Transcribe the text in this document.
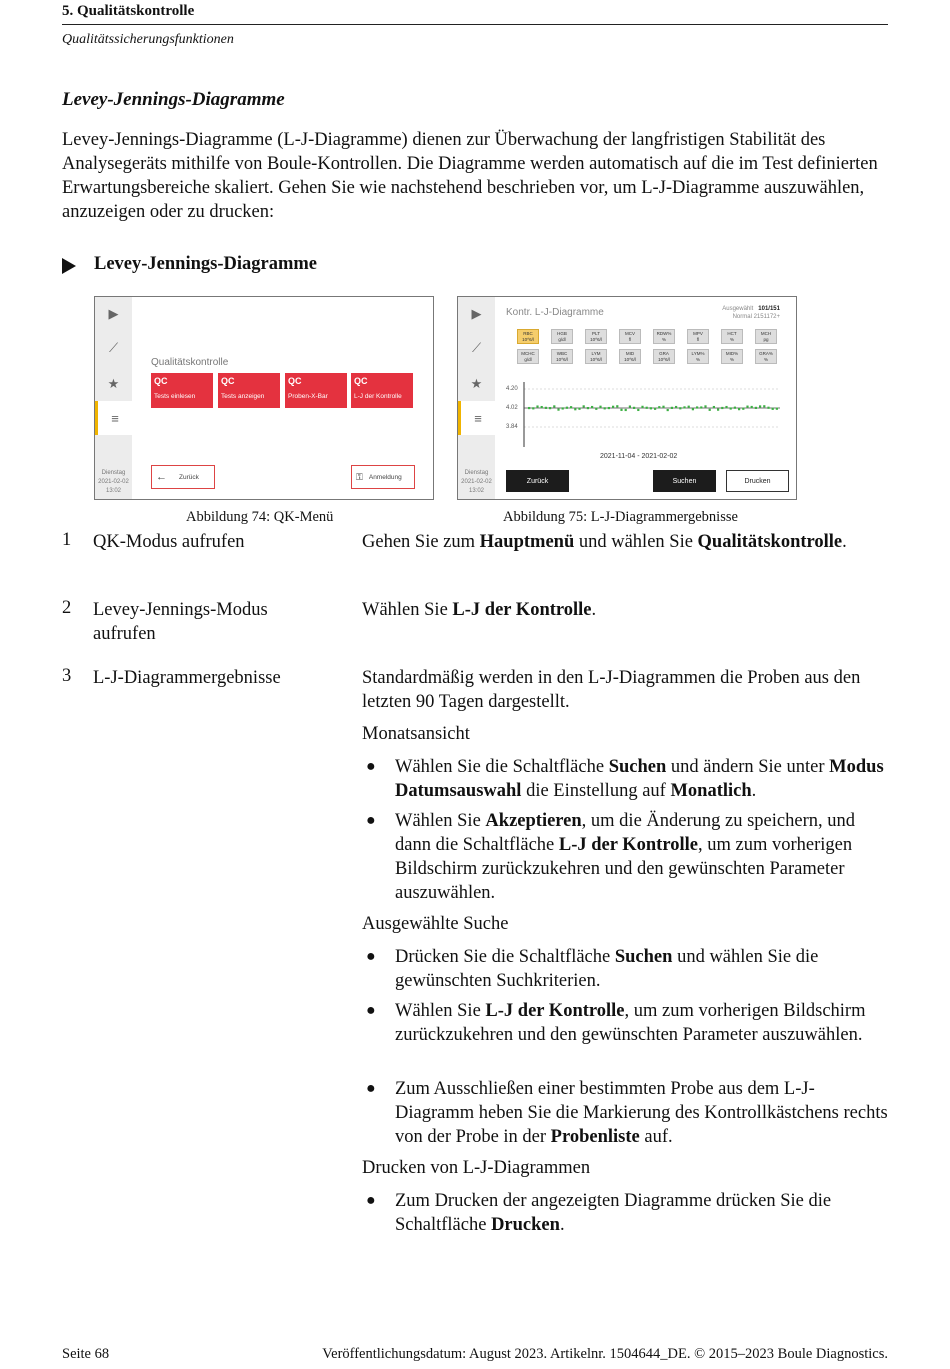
5. Qualitätskontrolle
Qualitätssicherungsfunktionen
Levey-Jennings-Diagramme
Levey-Jennings-Diagramme (L-J-Diagramme) dienen zur Überwachung der langfristigen Stabilität des Analysegeräts mithilfe von Boule-Kontrollen. Die Diagramme werden automatisch auf die im Test definierten Erwartungsbereiche skaliert. Gehen Sie wie nachstehend beschrieben vor, um L-J-Diagramme auszuwählen, anzuzeigen oder zu drucken:
Levey-Jennings-Diagramme
▶
⟋
★
≡
Dienstag
2021-02-02
13:02
Qualitätskontrolle
QC
Tests einlesen
QC
Tests anzeigen
QC
Proben-X-Bar
QC
L-J der Kontrolle
← Zurück	⚿ Anmeldung
▶
⟋
★
≡
Dienstag
2021-02-02
13:02
Kontr. L-J-Diagramme	Ausgewählt 101/151
Normal 2151172+
RBC
10^6/l
HGB
g/dl
PLT
10^6/l
MCV
fl
RDW%
%
MPV
fl
HCT
%
MCH
pg
MCHC
g/dl
WBC
10^6/l
LYM
10^6/l
MID
10^6/l
GRA
10^6/l
LYM%
%
MID%
%
GRA%
%
4.20
4.02
3.84
2021-11-04 - 2021-02-02
Zurück	Suchen	Drucken
Abbildung 74: QK-Menü	Abbildung 75: L-J-Diagrammergebnisse
1 QK-Modus aufrufen	Gehen Sie zum Hauptmenü und wählen Sie Qualitätskontrolle.
2 Levey-Jennings-Modus
aufrufen
Wählen Sie L-J der Kontrolle.
3 L-J-Diagrammergebnisse	Standardmäßig werden in den L-J-Diagrammen die Proben aus den letzten 90 Tagen dargestellt.
Monatsansicht
● Wählen Sie die Schaltfläche Suchen und ändern Sie unter Modus Datumsauswahl die Einstellung auf Monatlich.
● Wählen Sie Akzeptieren, um die Änderung zu speichern, und dann die Schaltfläche L-J der Kontrolle, um zum vorherigen Bildschirm zurückzukehren und den gewünschten Parameter auszuwählen.
Ausgewählte Suche
● Drücken Sie die Schaltfläche Suchen und wählen Sie die gewünschten Suchkriterien.
● Wählen Sie L-J der Kontrolle, um zum vorherigen Bildschirm zurückzukehren und den gewünschten Parameter auszuwählen.
● Zum Ausschließen einer bestimmten Probe aus dem L-J-Diagramm heben Sie die Markierung des Kontrollkästchens rechts von der Probe in der Probenliste auf.
Drucken von L-J-Diagrammen
● Zum Drucken der angezeigten Diagramme drücken Sie die Schaltfläche Drucken.
Seite 68	Veröffentlichungsdatum: August 2023. Artikelnr. 1504644_DE. © 2015–2023 Boule Diagnostics.
